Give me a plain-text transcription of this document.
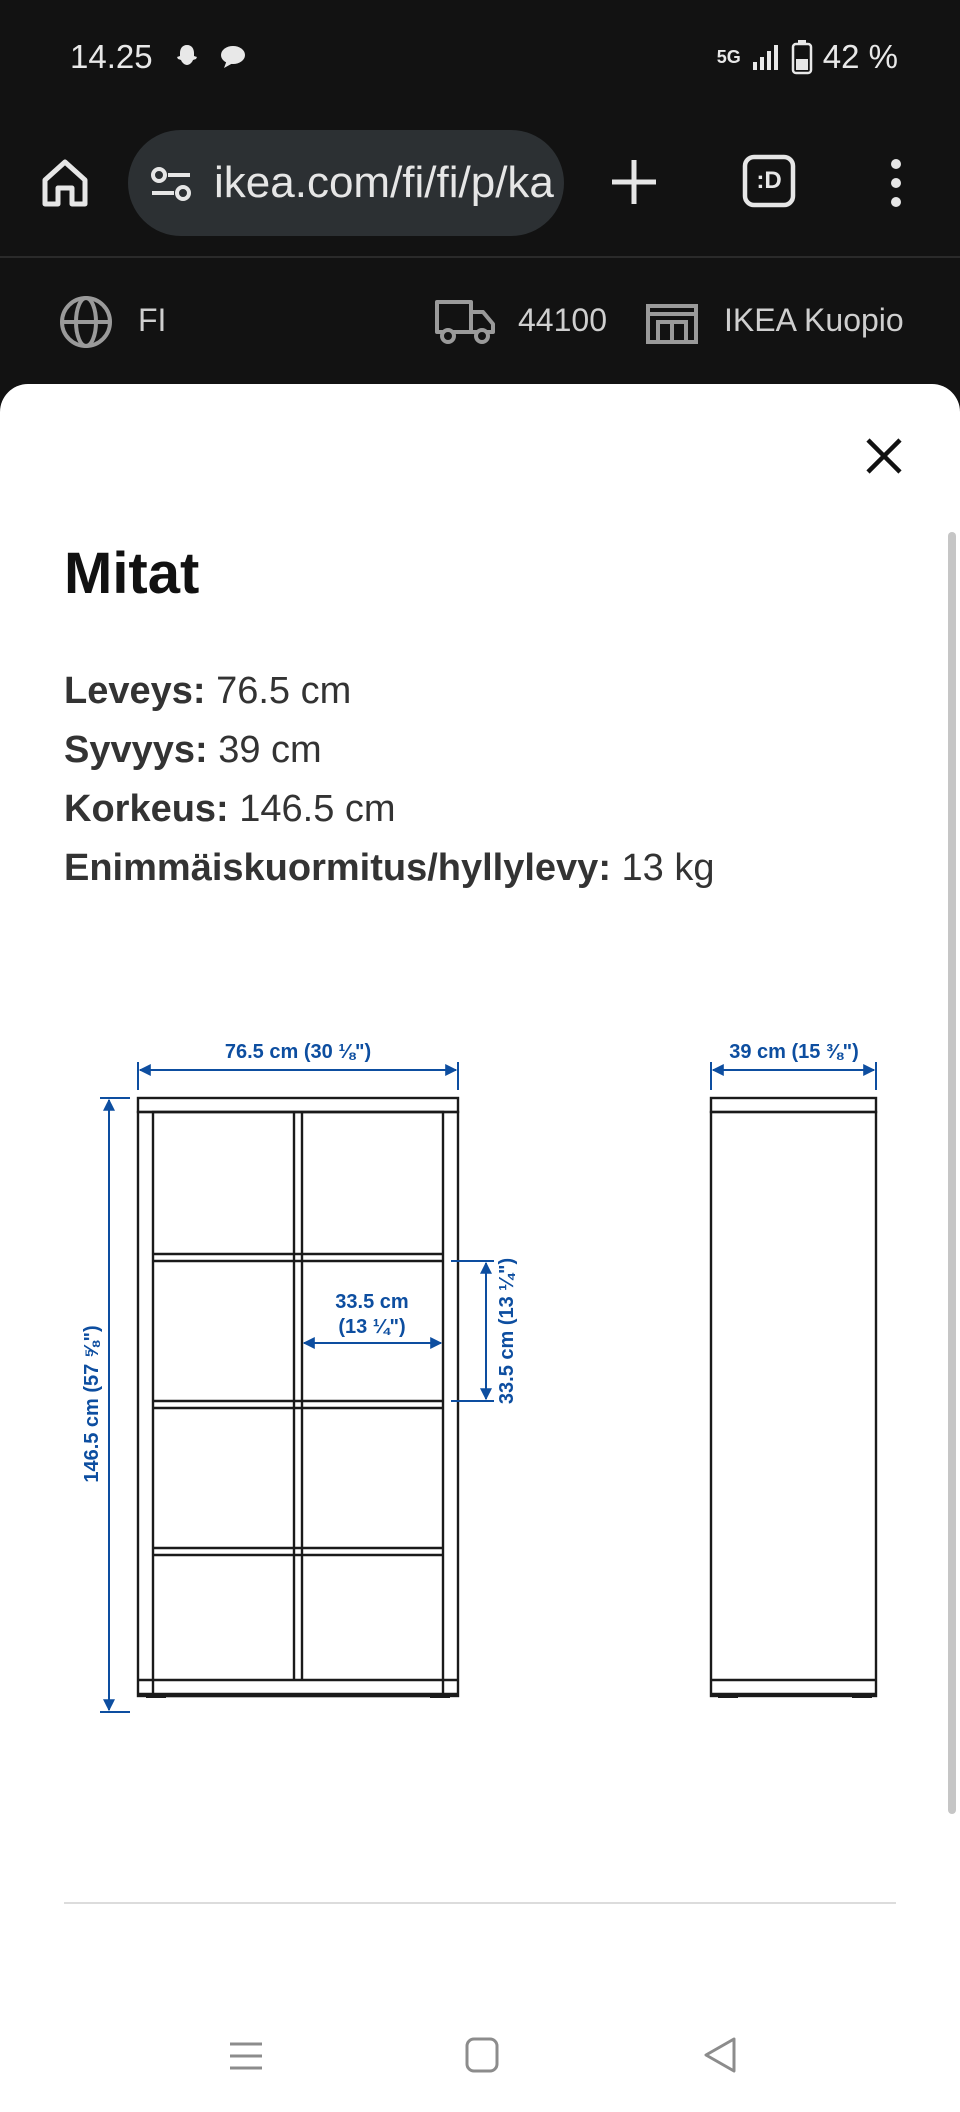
14.25	5G 42 %
ikea.com/fi/fi/p/ka	:D
FI	44100	IKEA Kuopio
Mitat
Leveys: 76.5 cm
Syvyys: 39 cm
Korkeus: 146.5 cm
Enimmäiskuormitus/hyllylevy: 13 kg
76.5 cm (30 ⅛")	39 cm (15 ⅜")
146.5 cm (57 ⅝")
33.5 cm
(13 ¼")	33.5 cm (13 ¼")
